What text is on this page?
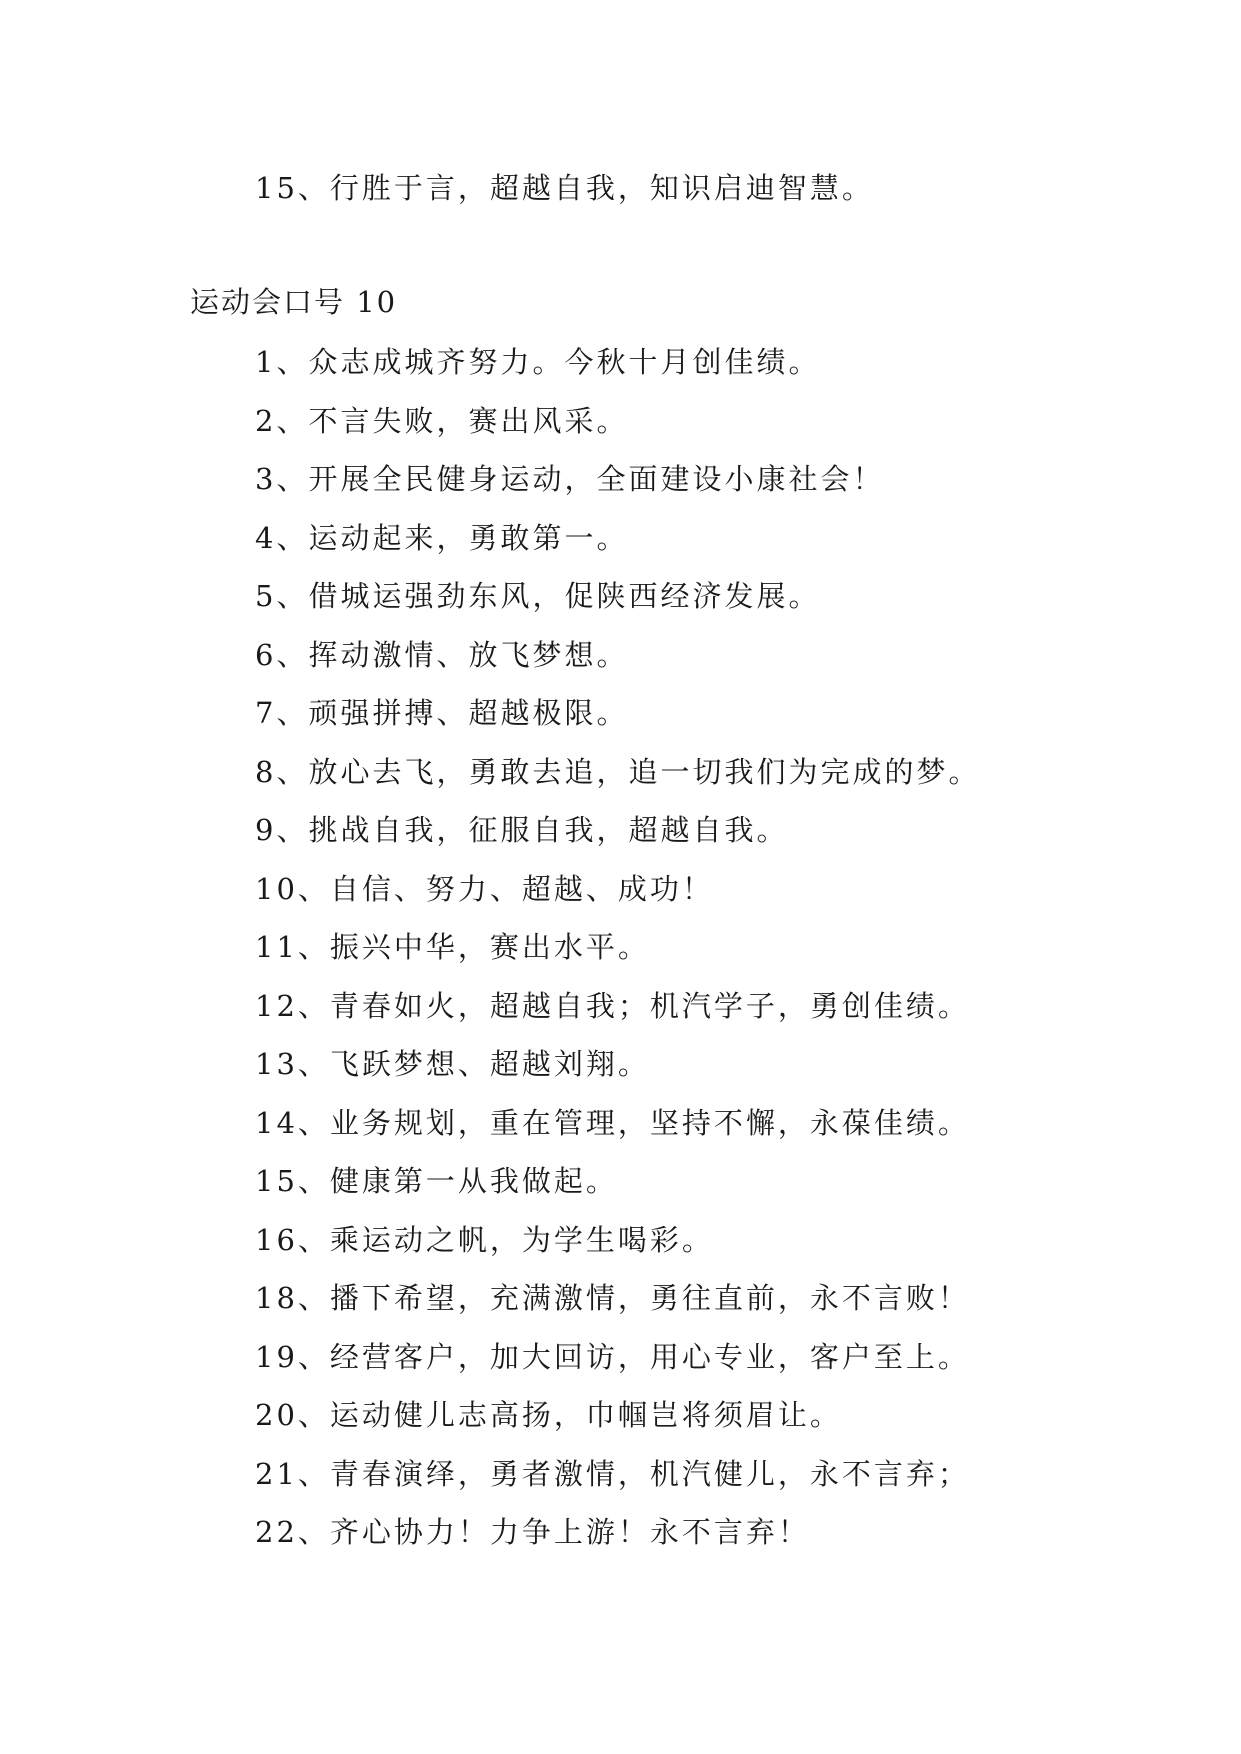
15、行胜于言，超越自我，知识启迪智慧。
运动会口号 10
1、众志成城齐努力。今秋十月创佳绩。
2、不言失败，赛出风采。
3、开展全民健身运动，全面建设小康社会！
4、运动起来，勇敢第一。
5、借城运强劲东风，促陕西经济发展。
6、挥动激情、放飞梦想。
7、顽强拼搏、超越极限。
8、放心去飞，勇敢去追，追一切我们为完成的梦。
9、挑战自我，征服自我，超越自我。
10、自信、努力、超越、成功！
11、振兴中华，赛出水平。
12、青春如火，超越自我；机汽学子，勇创佳绩。
13、飞跃梦想、超越刘翔。
14、业务规划，重在管理，坚持不懈，永葆佳绩。
15、健康第一从我做起。
16、乘运动之帆，为学生喝彩。
18、播下希望，充满激情，勇往直前，永不言败！
19、经营客户，加大回访，用心专业，客户至上。
20、运动健儿志高扬，巾帼岂将须眉让。
21、青春演绎，勇者激情，机汽健儿，永不言弃；
22、齐心协力！力争上游！永不言弃！
